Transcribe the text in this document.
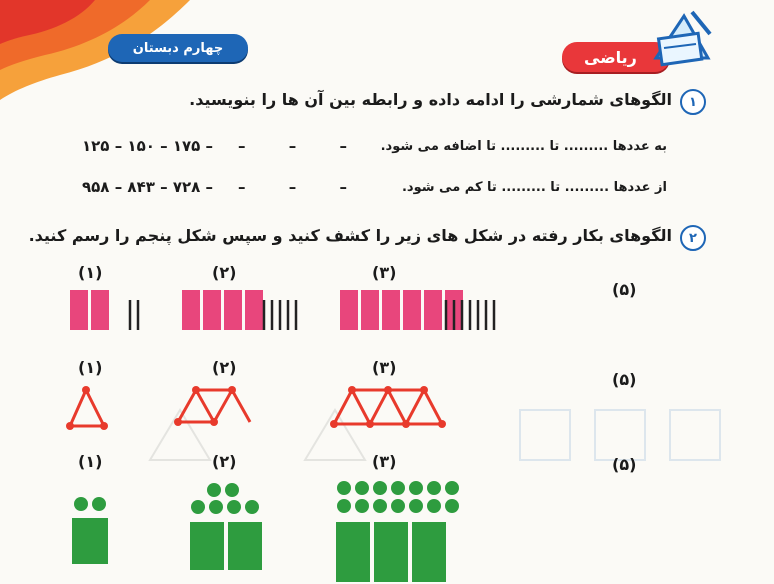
چهارم دبستان	ریاضی
۱
الگوهای شمارشی را ادامه داده و رابطه بین آن ها را بنویسید.
به عددها ......... تا ......... تا اضافه می شود.
۱۲۵ – ۱۵۰ – ۱۷۵ – –	–	–
از عددها ......... تا ......... تا کم می شود.
۹۵۸ – ۸۴۳ – ۷۲۸ – –	–	–
۲
الگوهای بکار رفته در شکل های زیر را کشف کنید و سپس شکل پنجم را رسم کنید.
(۱)	(۲)	(۳)
(۵)
(۱)	(۲)	(۳)
(۵)
(۱)	(۲)	(۳)	(۵)
